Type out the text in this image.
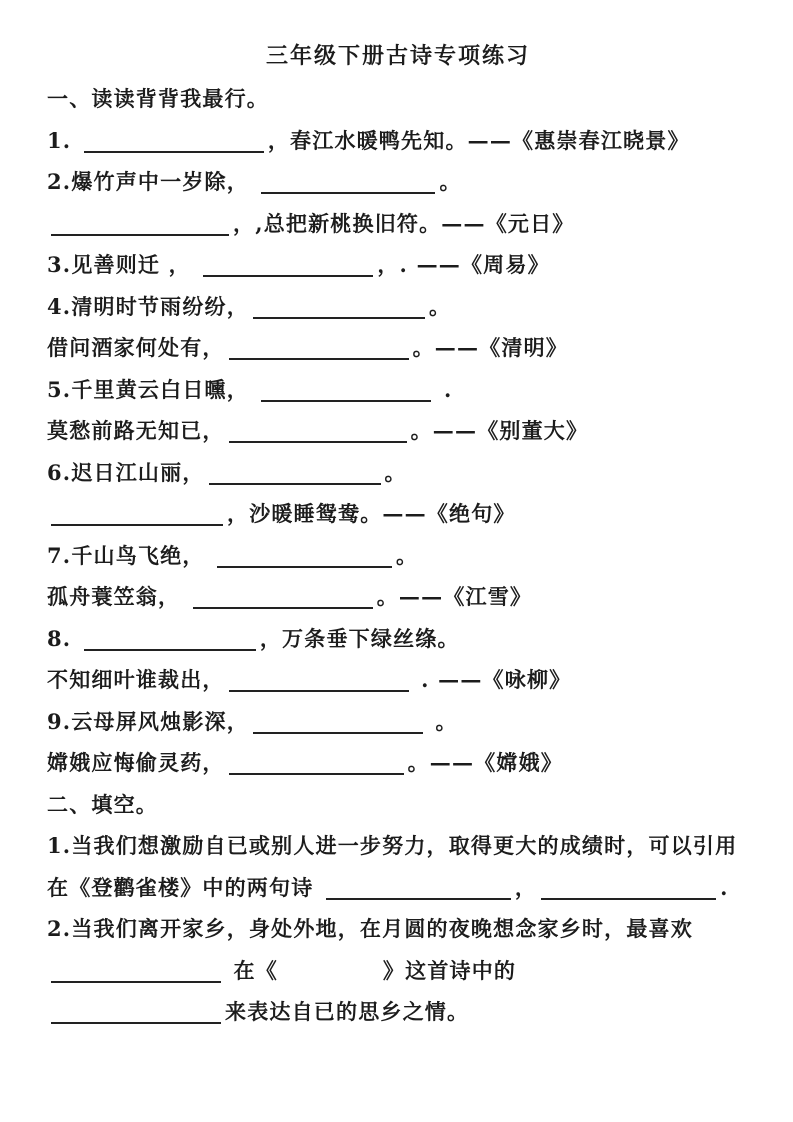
三年级下册古诗专项练习
一、读读背背我最行。
1.	，春江水暖鸭先知。——《惠崇春江晓景》
2.爆竹声中一岁除，	。
，,总把新桃换旧符。——《元日》
3.见善则迁 ，	，. ——《周易》
4.清明时节雨纷纷，	。
借问酒家何处有，	。——《清明》
5.千里黄云白日曛，	.
莫愁前路无知已，	。——《别董大》
6.迟日江山丽，	。
，沙暖睡鸳鸯。——《绝句》
7.千山鸟飞绝，	。
孤舟蓑笠翁，	。——《江雪》
8.	，万条垂下绿丝绦。
不知细叶谁裁出，	. ——《咏柳》
9.云母屏风烛影深，	。
嫦娥应悔偷灵药，	。——《嫦娥》
二、填空。
1.当我们想激励自已或别人进一步努力，取得更大的成绩时，可以引用
在《登鹳雀楼》中的两句诗	，	.
2.当我们离开家乡，身处外地，在月圆的夜晚想念家乡时，最喜欢
在《	》这首诗中的
来表达自已的思乡之情。
